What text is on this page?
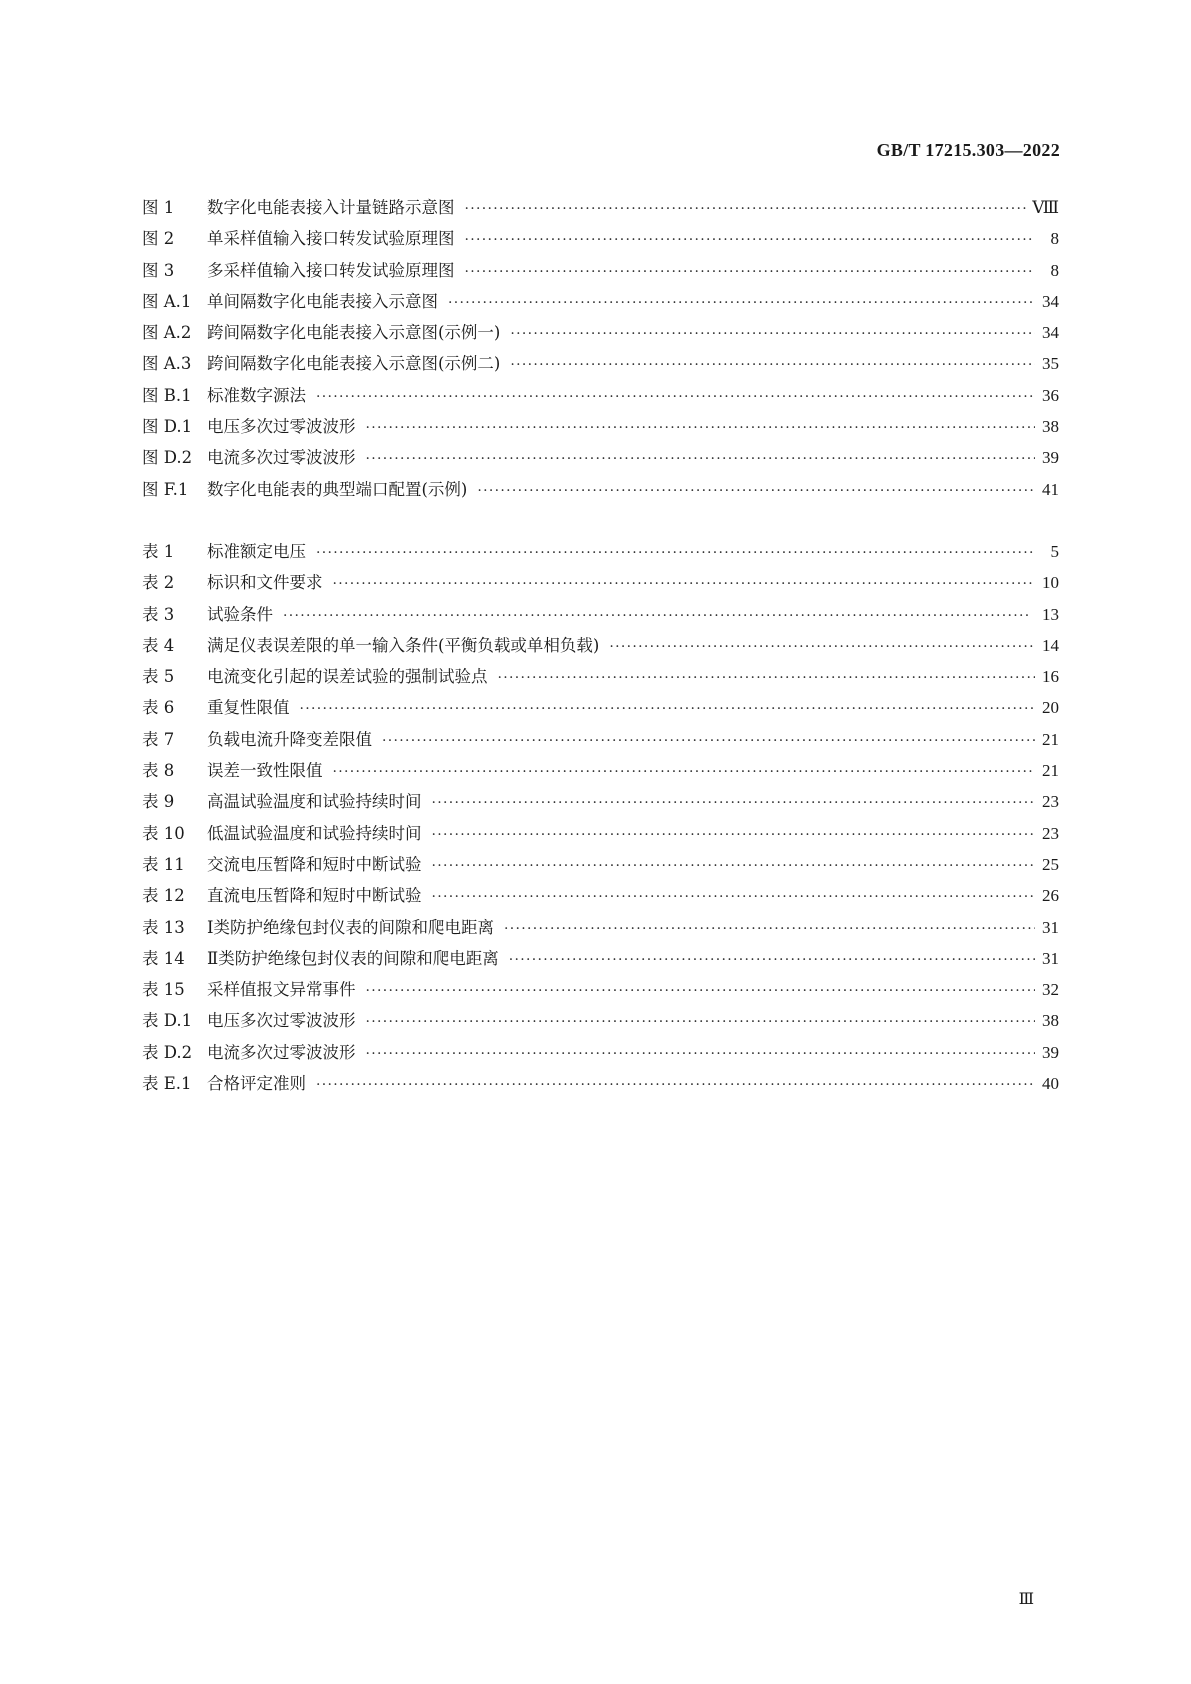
GB/T 17215.303—2022
图 1	数字化电能表接入计量链路示意图 ·····	Ⅷ
图 2	单采样值输入接口转发试验原理图 ·····	8
图 3	多采样值输入接口转发试验原理图 ·····	8
图 A.1 单间隔数字化电能表接入示意图 ·····	34
图 A.2 跨间隔数字化电能表接入示意图(示例一) ·····	34
图 A.3 跨间隔数字化电能表接入示意图(示例二) ·····	35
图 B.1 标准数字源法 ·····	36
图 D.1 电压多次过零波波形 ·····	38
图 D.2 电流多次过零波波形 ·····	39
图 F.1	数字化电能表的典型端口配置(示例) ·····	41
表 1	标准额定电压 ·····	5
表 2	标识和文件要求 ·····	10
表 3	试验条件 ·····	13
表 4	满足仪表误差限的单一输入条件(平衡负载或单相负载) ·····	14
表 5	电流变化引起的误差试验的强制试验点 ·····	16
表 6	重复性限值 ·····	20
表 7	负载电流升降变差限值 ·····	21
表 8	误差一致性限值 ·····	21
表 9	高温试验温度和试验持续时间 ·····	23
表 10	低温试验温度和试验持续时间 ·····	23
表 11	交流电压暂降和短时中断试验 ·····	25
表 12	直流电压暂降和短时中断试验 ·····	26
表 13	Ⅰ类防护绝缘包封仪表的间隙和爬电距离 ·····	31
表 14	Ⅱ类防护绝缘包封仪表的间隙和爬电距离 ·····	31
表 15	采样值报文异常事件 ·····	32
表 D.1 电压多次过零波波形 ·····	38
表 D.2 电流多次过零波波形 ·····	39
表 E.1 合格评定准则 ·····	40
Ⅲ
